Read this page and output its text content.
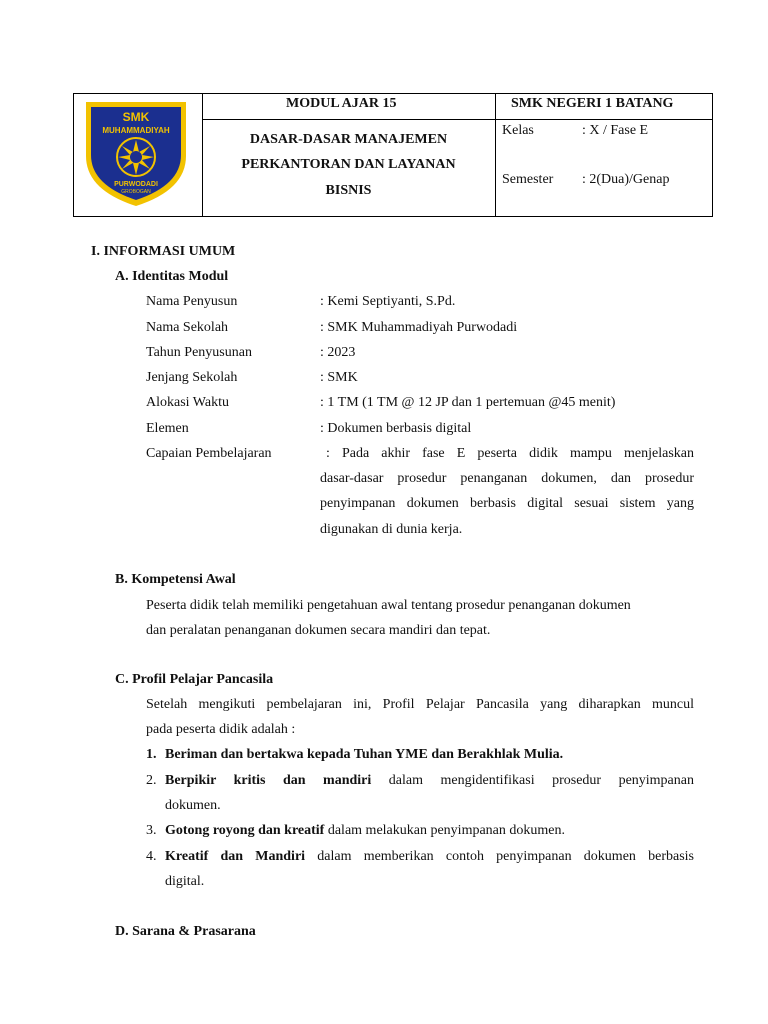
SMK
MUHAMMADIYAH
PURWODADI
GROBOGAN
MODUL AJAR 15	SMK NEGERI 1 BATANG
DASAR-DASAR MANAJEMEN
PERKANTORAN DAN LAYANAN
BISNIS
Kelas	: X / Fase E
Semester : 2(Dua)/Genap
I. INFORMASI UMUM
A. Identitas Modul
Nama Penyusun	: Kemi Septiyanti, S.Pd.
Nama Sekolah	: SMK Muhammadiyah Purwodadi
Tahun Penyusunan	: 2023
Jenjang Sekolah	: SMK
Alokasi Waktu	: 1 TM (1 TM @ 12 JP dan 1 pertemuan @45 menit)
Elemen	: Dokumen berbasis digital
Capaian Pembelajaran	: Pada akhir fase E peserta didik mampu menjelaskan
dasar-dasar prosedur penanganan dokumen, dan prosedur
penyimpanan dokumen berbasis digital sesuai sistem yang
digunakan di dunia kerja.
B. Kompetensi Awal
Peserta didik telah memiliki pengetahuan awal tentang prosedur penanganan dokumen
dan peralatan penanganan dokumen secara mandiri dan tepat.
C. Profil Pelajar Pancasila
Setelah mengikuti pembelajaran ini, Profil Pelajar Pancasila yang diharapkan muncul
pada peserta didik adalah :
1. Beriman dan bertakwa kepada Tuhan YME dan Berakhlak Mulia.
2. Berpikir kritis dan mandiri dalam mengidentifikasi prosedur penyimpanan
dokumen.
3. Gotong royong dan kreatif dalam melakukan penyimpanan dokumen.
4. Kreatif dan Mandiri dalam memberikan contoh penyimpanan dokumen berbasis
digital.
D. Sarana & Prasarana
